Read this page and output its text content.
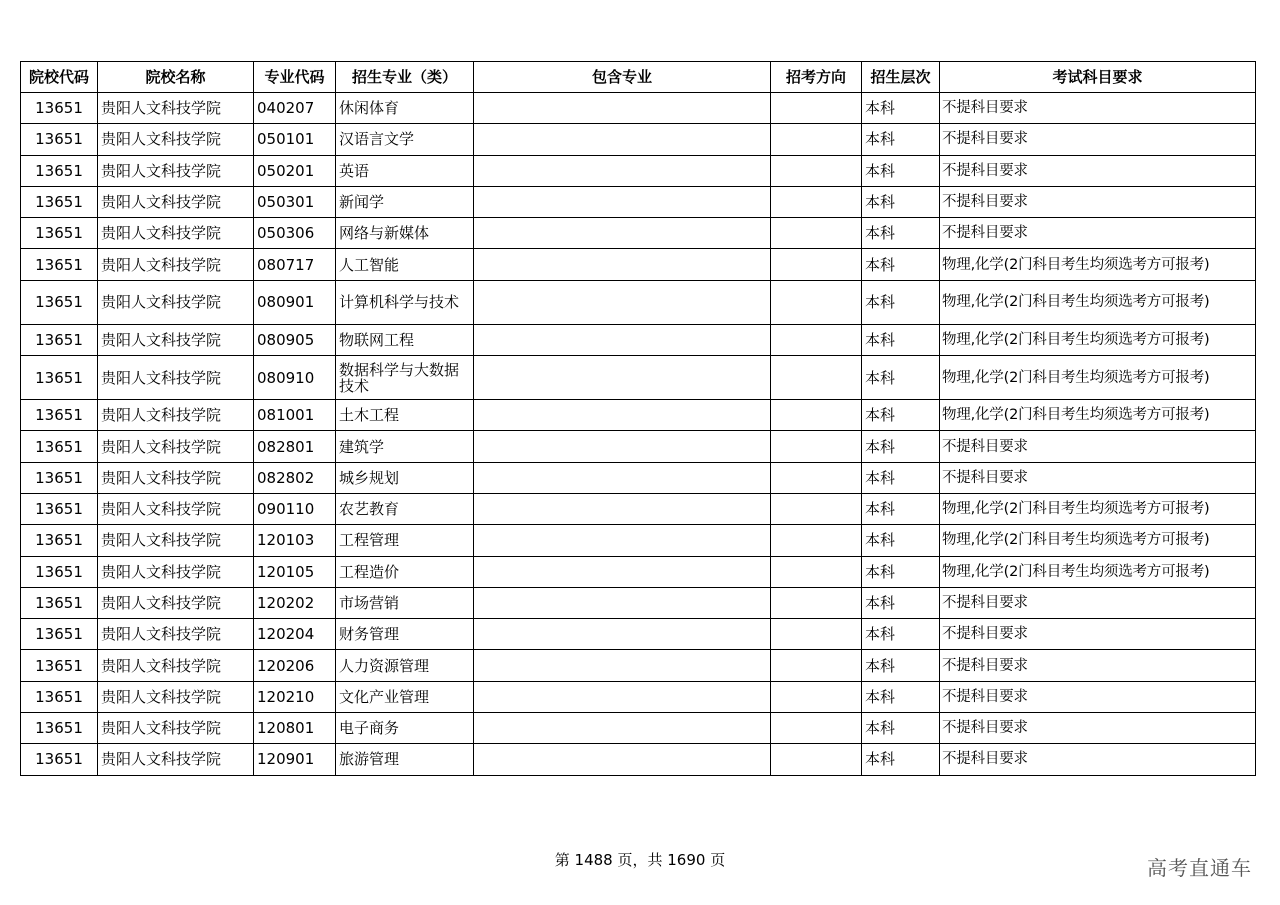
院校代码	院校名称	专业代码	招生专业（类）	包含专业	招考方向	招生层次	考试科目要求
13651	贵阳人文科技学院	040207	休闲体育			本科	不提科目要求
13651	贵阳人文科技学院	050101	汉语言文学			本科	不提科目要求
13651	贵阳人文科技学院	050201	英语			本科	不提科目要求
13651	贵阳人文科技学院	050301	新闻学			本科	不提科目要求
13651	贵阳人文科技学院	050306	网络与新媒体			本科	不提科目要求
13651	贵阳人文科技学院	080717	人工智能			本科	物理,化学(2门科目考生均须选考方可报考)
13651	贵阳人文科技学院	080901	计算机科学与技术			本科	物理,化学(2门科目考生均须选考方可报考)
13651	贵阳人文科技学院	080905	物联网工程			本科	物理,化学(2门科目考生均须选考方可报考)
13651	贵阳人文科技学院	080910	数据科学与大数据技术			本科	物理,化学(2门科目考生均须选考方可报考)
13651	贵阳人文科技学院	081001	土木工程			本科	物理,化学(2门科目考生均须选考方可报考)
13651	贵阳人文科技学院	082801	建筑学			本科	不提科目要求
13651	贵阳人文科技学院	082802	城乡规划			本科	不提科目要求
13651	贵阳人文科技学院	090110	农艺教育			本科	物理,化学(2门科目考生均须选考方可报考)
13651	贵阳人文科技学院	120103	工程管理			本科	物理,化学(2门科目考生均须选考方可报考)
13651	贵阳人文科技学院	120105	工程造价			本科	物理,化学(2门科目考生均须选考方可报考)
13651	贵阳人文科技学院	120202	市场营销			本科	不提科目要求
13651	贵阳人文科技学院	120204	财务管理			本科	不提科目要求
13651	贵阳人文科技学院	120206	人力资源管理			本科	不提科目要求
13651	贵阳人文科技学院	120210	文化产业管理			本科	不提科目要求
13651	贵阳人文科技学院	120801	电子商务			本科	不提科目要求
13651	贵阳人文科技学院	120901	旅游管理			本科	不提科目要求
第 1488 页，共 1690 页	高考直通车
